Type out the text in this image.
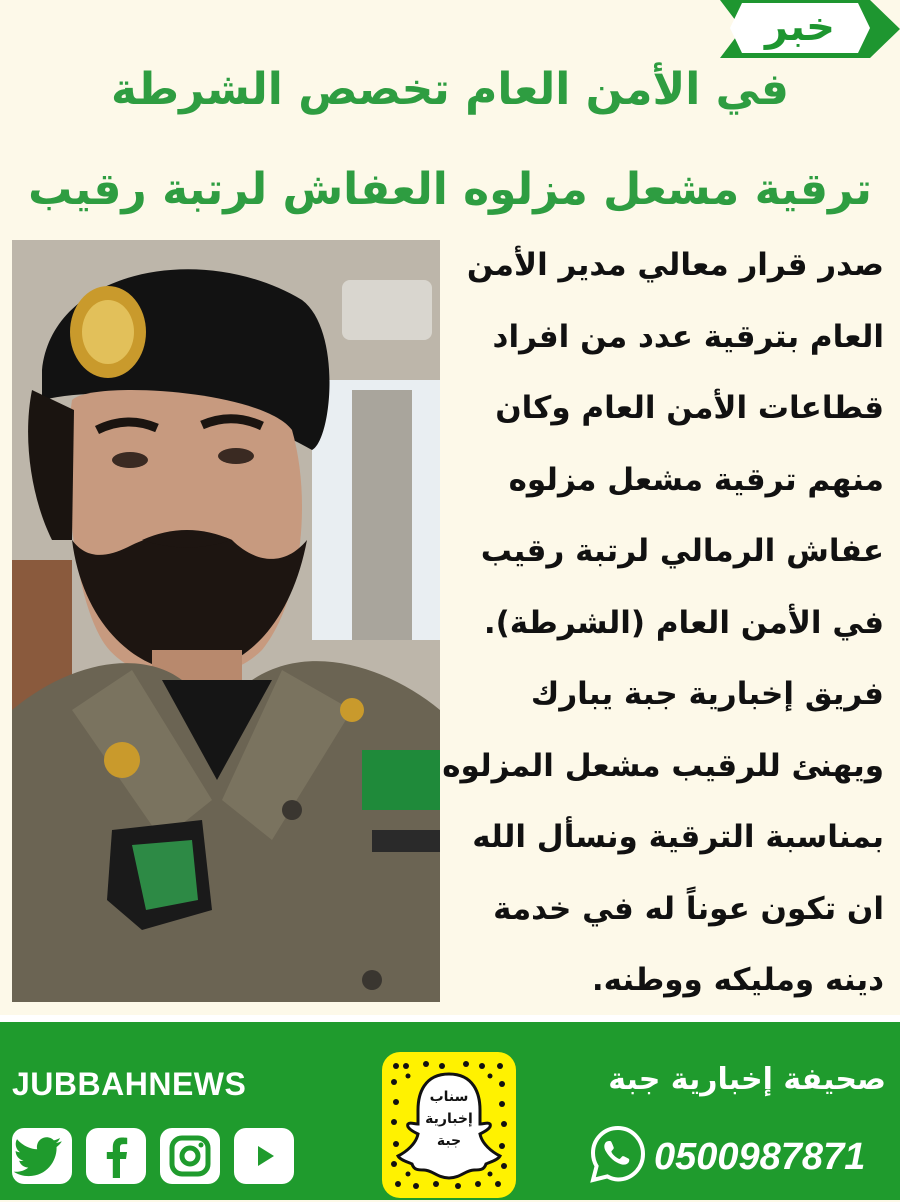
خبر
في الأمن العام تخصص الشرطة
ترقية مشعل مزلوه العفاش لرتبة رقيب
صدر قرار معالي مدير الأمن
العام بترقية عدد من افراد
قطاعات الأمن العام وكان
منهم ترقية مشعل مزلوه
عفاش الرمالي لرتبة رقيب
في الأمن العام (الشرطة).
فريق إخبارية جبة يبارك
ويهنئ للرقيب مشعل المزلوه
بمناسبة الترقية ونسأل الله
ان تكون عوناً له في خدمة
دينه ومليكه ووطنه.
JUBBAHNEWS	سناب
إخبارية
جبة
صحيفة إخبارية جبة
0500987871
